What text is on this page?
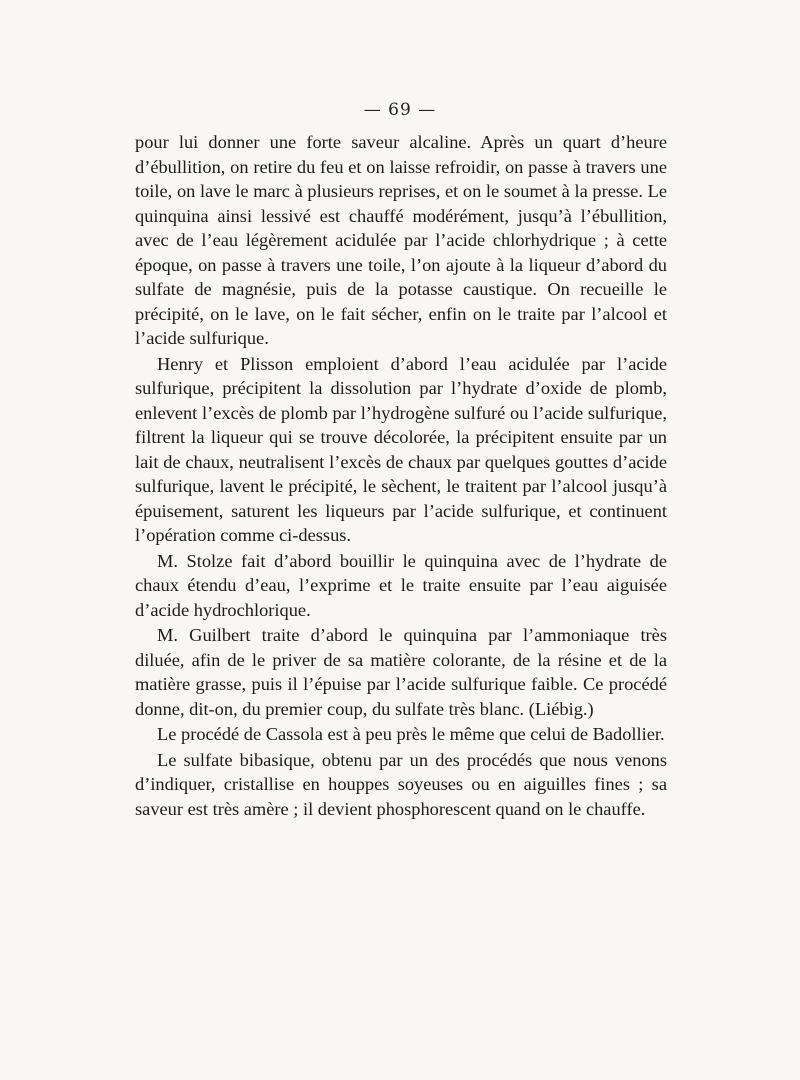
— 69 —

pour lui donner une forte saveur alcaline. Après un quart d’heure d’ébullition, on retire du feu et on laisse refroidir, on passe à travers une toile, on lave le marc à plusieurs reprises, et on le soumet à la presse. Le quinquina ainsi lessivé est chauffé modérément, jusqu’à l’ébullition, avec de l’eau légèrement acidulée par l’acide chlorhydrique ; à cette époque, on passe à travers une toile, l’on ajoute à la liqueur d’abord du sulfate de magnésie, puis de la potasse caustique. On recueille le précipité, on le lave, on le fait sécher, enfin on le traite par l’alcool et l’acide sulfurique.

Henry et Plisson emploient d’abord l’eau acidulée par l’acide sulfurique, précipitent la dissolution par l’hydrate d’oxide de plomb, enlevent l’excès de plomb par l’hydrogène sulfuré ou l’acide sulfurique, filtrent la liqueur qui se trouve décolorée, la précipitent ensuite par un lait de chaux, neutralisent l’excès de chaux par quelques gouttes d’acide sulfurique, lavent le précipité, le sèchent, le traitent par l’alcool jusqu’à épuisement, saturent les liqueurs par l’acide sulfurique, et continuent l’opération comme ci-dessus.

M. Stolze fait d’abord bouillir le quinquina avec de l’hydrate de chaux étendu d’eau, l’exprime et le traite ensuite par l’eau aiguisée d’acide hydrochlorique.

M. Guilbert traite d’abord le quinquina par l’ammoniaque très diluée, afin de le priver de sa matière colorante, de la résine et de la matière grasse, puis il l’épuise par l’acide sulfurique faible. Ce procédé donne, dit-on, du premier coup, du sulfate très blanc. (Liébig.)

Le procédé de Cassola est à peu près le même que celui de Badollier.

Le sulfate bibasique, obtenu par un des procédés que nous venons d’indiquer, cristallise en houppes soyeuses ou en aiguilles fines ; sa saveur est très amère ; il devient phosphorescent quand on le chauffe.
